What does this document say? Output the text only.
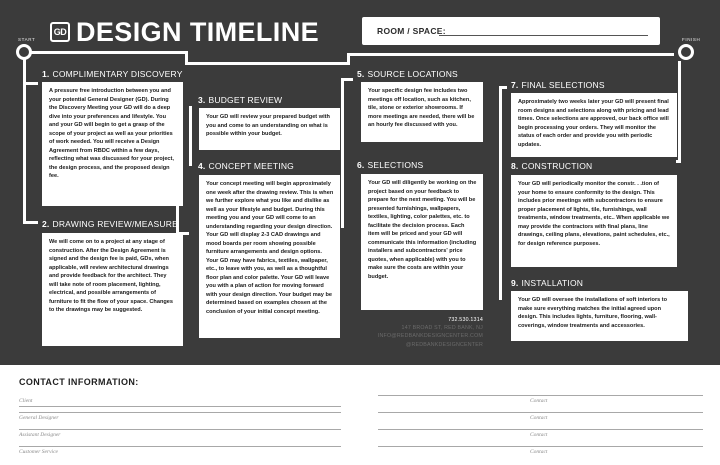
GD DESIGN TIMELINE	ROOM / SPACE:
START	FINISH
1. COMPLIMENTARY DISCOVERY
A pressure free introduction between you and your potential General Designer (GD). During the Discovery Meeting your GD will do a deep dive into your preferences and lifestyle. You and your GD will begin to get a grasp of the scope of your project as well as your priorities of work needed. You will receive a Design Agreement from RBDC within a few days, reflecting what was discussed for your project, the design process, and the proposed design fee.
2. DRAWING REVIEW/MEASURE
We will come on to a project at any stage of construction. After the Design Agreement is signed and the design fee is paid, GDs, when applicable, will review architectural drawings and provide feedback for the architect. They will take note of room placement, lighting, electrical, and possible arrangements of furniture to fit the flow of your space. Changes to the drawings may be suggested.
3. BUDGET REVIEW
Your GD will review your prepared budget with you and come to an understanding on what is possible within your budget.
4. CONCEPT MEETING
Your concept meeting will begin approximately one week after the drawing review. This is when we further explore what you like and dislike as well as your lifestyle and budget. During this meeting you and your GD will come to an understanding regarding your design direction. Your GD will display 2-3 CAD drawings and mood boards per room showing possible furniture arrangements and design options. Your GD may have fabrics, textiles, wallpaper, etc., to leave with you, as well as a thoughtful floor plan and color palette. Your GD will leave you with a plan of action for moving forward with your design direction. Your budget may be determined based on examples chosen at the conclusion of your initial concept meeting.
5. SOURCE LOCATIONS
Your specific design fee includes two meetings off location, such as kitchen, tile, stone or exterior showrooms. If more meetings are needed, there will be an hourly fee discussed with you.
6. SELECTIONS
Your GD will diligently be working on the project based on your feedback to prepare for the next meeting. You will be presented furnishings, wallpapers, textiles, lighting, color palettes, etc. to facilitate the decision process. Each item will be priced and your GD will communicate this information (including installers and subcontractors' price quotes, when applicable) with you to make sure the costs are within your budget.
7. FINAL SELECTIONS
Approximately two weeks later your GD will present final room designs and selections along with pricing and lead times. Once selections are approved, our back office will begin processing your orders. They will monitor the status of each order and provide you with periodic updates.
8. CONSTRUCTION
Your GD will periodically monitor the constr. . .tion of your home to ensure conformity to the design. This includes prior meetings with subcontractors to ensure proper placement of lights, tile, furnishings, wall treatments, window treatments, etc.. When applicable we may provide the contractors with final plans, line drawings, ceiling plans, elevations, paint schedules, etc., for design reference purposes.
9. INSTALLATION
Your GD will oversee the installations of soft interiors to make sure everything matches the initial agreed upon design. This includes lights, furniture, flooring, wall-coverings, window treatments and accessories.
732.530.1314
147 BROAD ST, RED BANK, NJ
INFO@REDBANKDESIGNCENTER.COM
@REDBANKDESIGNCENTER
CONTACT INFORMATION:
Client	Contact
General Designer	Contact
Assistant Designer	Contact
Customer Service	Contact
